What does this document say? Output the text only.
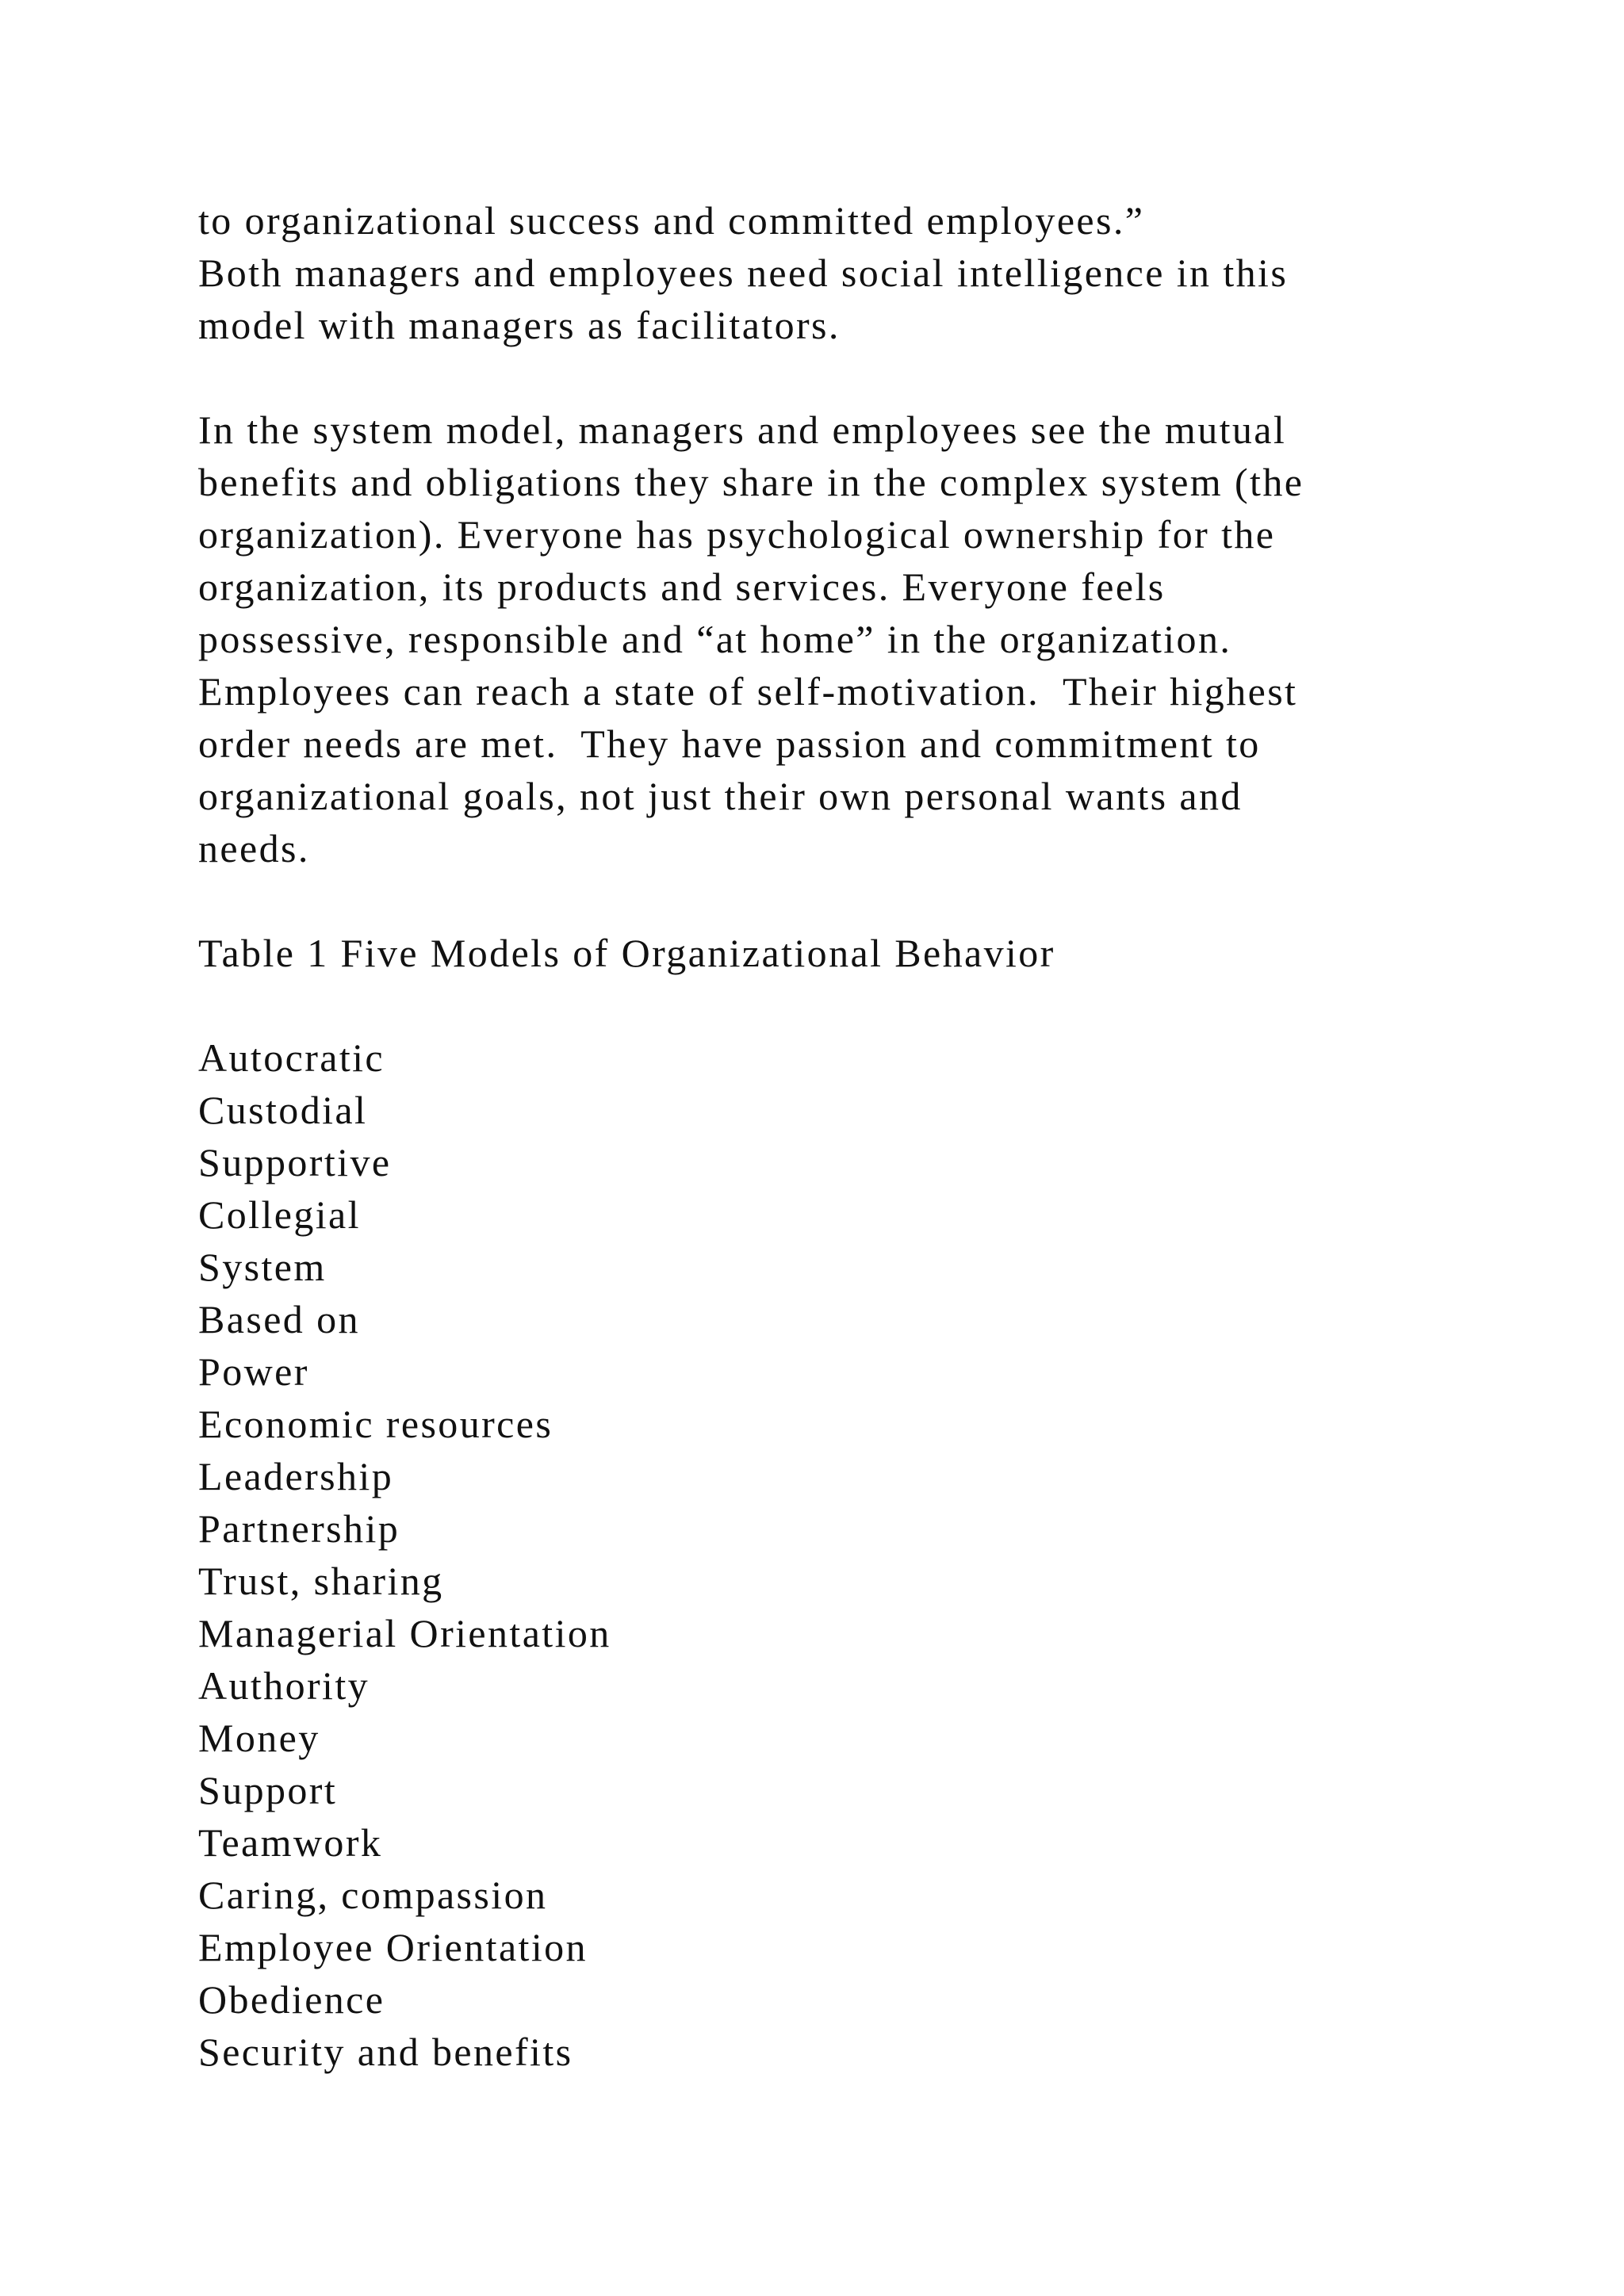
to organizational success and committed employees.”
Both managers and employees need social intelligence in this
model with managers as facilitators.
In the system model, managers and employees see the mutual
benefits and obligations they share in the complex system (the
organization). Everyone has psychological ownership for the
organization, its products and services. Everyone feels
possessive, responsible and “at home” in the organization.
Employees can reach a state of self-motivation.  Their highest
order needs are met.  They have passion and commitment to
organizational goals, not just their own personal wants and
needs.
Table 1 Five Models of Organizational Behavior
Autocratic
Custodial
Supportive
Collegial
System
Based on
Power
Economic resources
Leadership
Partnership
Trust, sharing
Managerial Orientation
Authority
Money
Support
Teamwork
Caring, compassion
Employee Orientation
Obedience
Security and benefits
